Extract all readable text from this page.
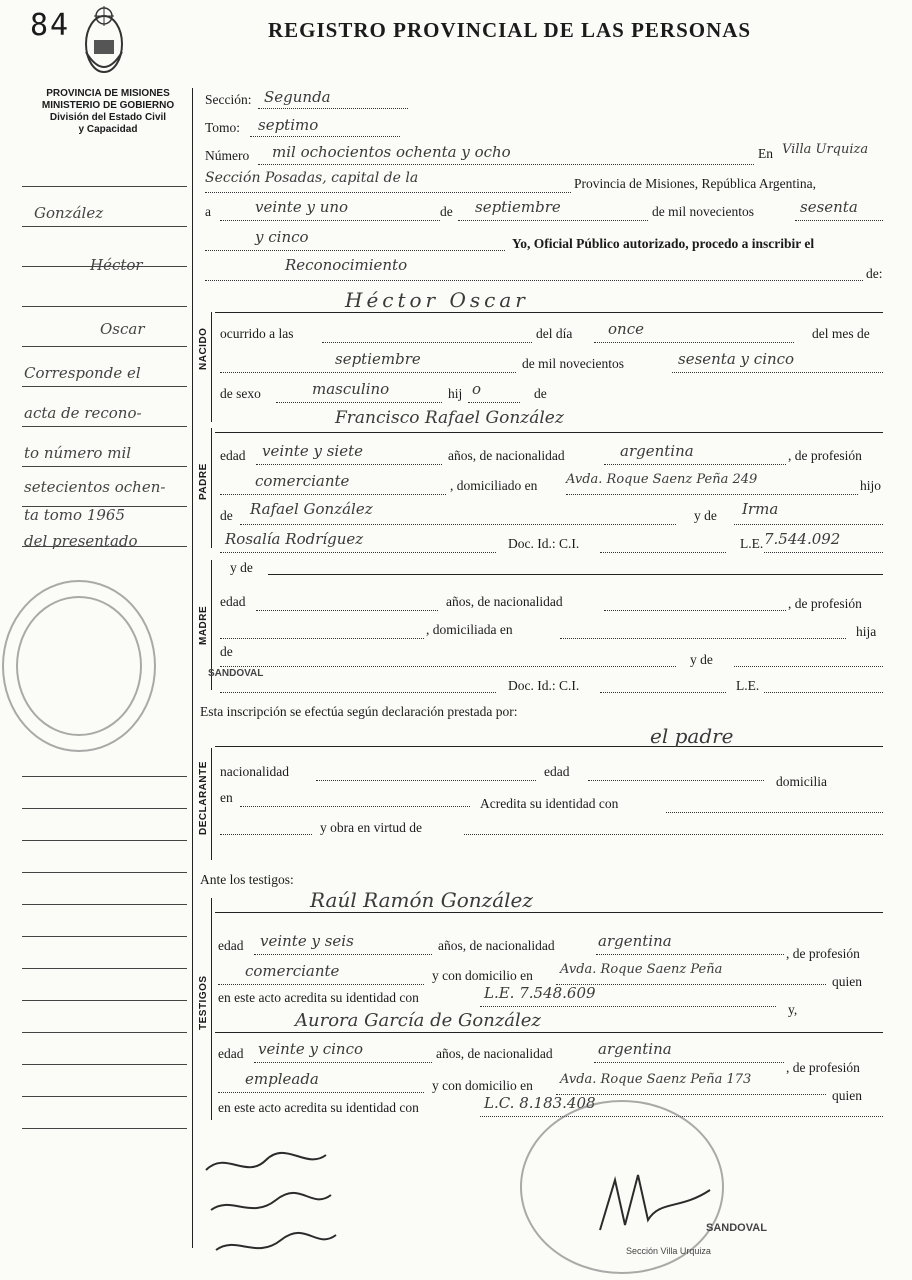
84	REGISTRO PROVINCIAL DE LAS PERSONAS
PROVINCIA DE MISIONES
MINISTERIO DE GOBIERNO
División del Estado Civil
y Capacidad
NACIDO
PADRE
MADRE
DECLARANTE
TESTIGOS
Sección: Segunda
Tomo: septimo
Número mil ochocientos ochenta y ocho	En Villa Urquiza
Sección Posadas, capital de la	Provincia de Misiones, República Argentina,
a	veinte y uno	de septiembre	de mil novecientos	sesenta
y cinco	Yo, Oficial Público autorizado, procedo a inscribir el
Reconocimiento	de:
Héctor Oscar
ocurrido a las	del día once	del mes de
septiembre	de mil novecientos	sesenta y cinco
de sexo	masculino	hij o	de
Francisco Rafael González
edad veinte y siete	años, de nacionalidad	argentina	, de profesión
comerciante	, domiciliado en Avda. Roque Saenz Peña 249	hijo
de Rafael González	y de Irma
Rosalía Rodríguez	Doc. Id.: C.I.	L.E. 7.544.092
y de
edad	años, de nacionalidad	, de profesión
, domiciliada en	hija
de
y de
Doc. Id.: C.I.	L.E.
Esta inscripción se efectúa según declaración prestada por:
el padre
nacionalidad	edad
domicilia
en	Acredita su identidad con
y obra en virtud de
Ante los testigos:
Raúl Ramón González
edad veinte y seis	años, de nacionalidad	argentina
, de profesión
comerciante	y con domicilio en Avda. Roque Saenz Peña
quien
en este acto acredita su identidad con	L.E. 7.548.609
y,
Aurora García de González
edad veinte y cinco	años, de nacionalidad	argentina
, de profesión
empleada	y con domicilio en Avda. Roque Saenz Peña 173
quien
en este acto acredita su identidad con	L.C. 8.183.408
González
Héctor
Oscar
Corresponde el
acta de recono-
to número mil
setecientos ochen-
ta tomo 1965
del presentado
SANDOVAL
SANDOVAL
Sección Villa Urquiza
